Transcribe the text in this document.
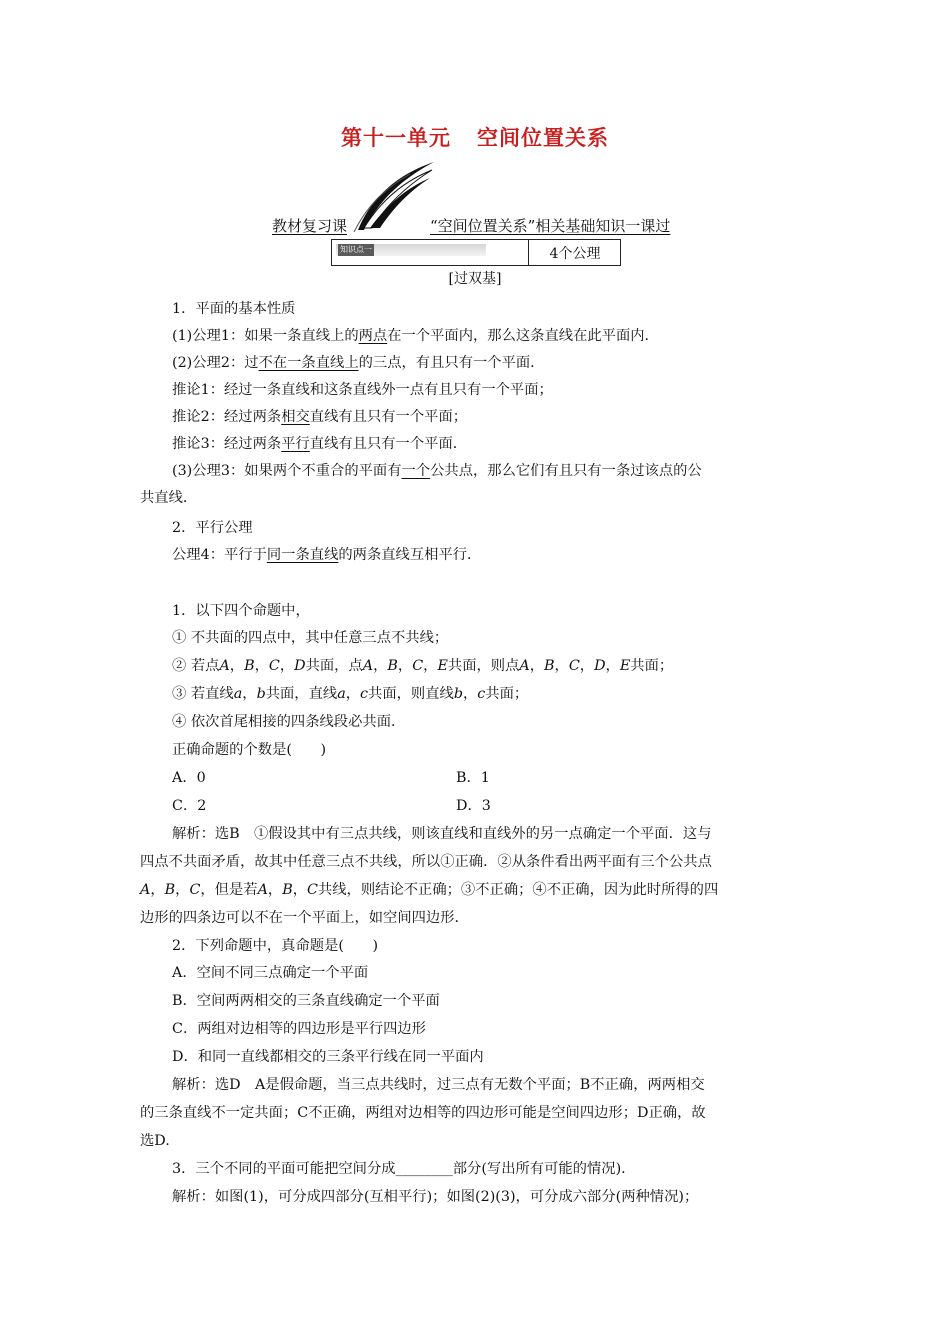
第十一单元 空间位置关系
教材复习课	“空间位置关系”相关基础知识一课过
知识点一	4个公理
[过双基]
1．平面的基本性质
(1)公理1：如果一条直线上的两点在一个平面内，那么这条直线在此平面内．
(2)公理2：过不在一条直线上的三点，有且只有一个平面．
推论1：经过一条直线和这条直线外一点有且只有一个平面；
推论2：经过两条相交直线有且只有一个平面；
推论3：经过两条平行直线有且只有一个平面．
(3)公理3：如果两个不重合的平面有一个公共点，那么它们有且只有一条过该点的公
共直线．
2．平行公理
公理4：平行于同一条直线的两条直线互相平行．
1．以下四个命题中，
① 不共面的四点中，其中任意三点不共线；
② 若点A，B，C，D共面，点A，B，C，E共面，则点A，B，C，D，E共面；
③ 若直线a，b共面，直线a，c共面，则直线b，c共面；
④ 依次首尾相接的四条线段必共面．
正确命题的个数是(　　)
A．0	B．1
C．2	D．3
解析：选B　①假设其中有三点共线，则该直线和直线外的另一点确定一个平面．这与
四点不共面矛盾，故其中任意三点不共线，所以①正确．②从条件看出两平面有三个公共点
A，B，C，但是若A，B，C共线，则结论不正确；③不正确；④不正确，因为此时所得的四
边形的四条边可以不在一个平面上，如空间四边形．
2．下列命题中，真命题是(　　)
A．空间不同三点确定一个平面
B．空间两两相交的三条直线确定一个平面
C．两组对边相等的四边形是平行四边形
D．和同一直线都相交的三条平行线在同一平面内
解析：选D　A是假命题，当三点共线时，过三点有无数个平面；B不正确，两两相交
的三条直线不一定共面；C不正确，两组对边相等的四边形可能是空间四边形；D正确，故
选D.
3．三个不同的平面可能把空间分成________部分(写出所有可能的情况)．
解析：如图(1)，可分成四部分(互相平行)；如图(2)(3)，可分成六部分(两种情况)；
